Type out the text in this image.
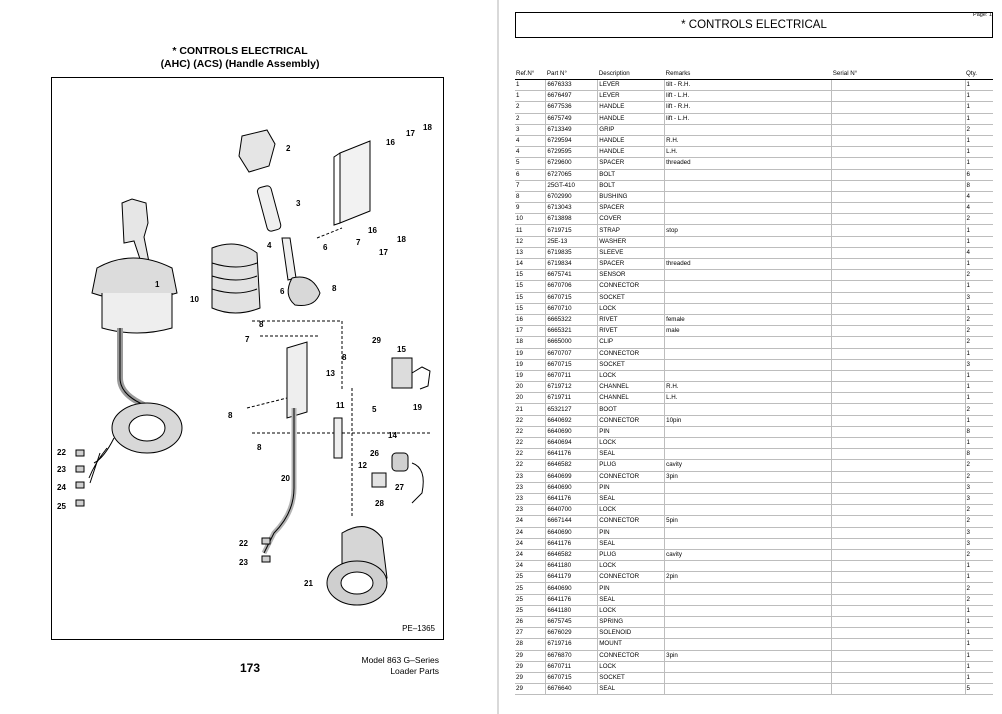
* CONTROLS ELECTRICAL
(AHC) (ACS) (Handle Assembly)
1
2
3
4
5
6
6
7
7
8
8
8
8
8
10
11
12
13
14
15
16
16
17
17
18
18
19
20
21
22
22
23
23
24
25
26
27
28
29
PE–1365
173
Model 863 G–Series
Loader Parts
* CONTROLS ELECTRICAL
Page: 1
Ref.N°	Part N°	Description	Remarks	Serial N°	Qty.
1	6676333	LEVER	tilt - R.H.		1
1	6676497	LEVER	lift - L.H.		1
2	6677536	HANDLE	lift - R.H.		1
2	6675749	HANDLE	lift - L.H.		1
3	6713349	GRIP			2
4	6729594	HANDLE	R.H.		1
4	6729595	HANDLE	L.H.		1
5	6729600	SPACER	threaded		1
6	6727065	BOLT			6
7	25GT-410	BOLT			8
8	6702990	BUSHING			4
9	6713043	SPACER			4
10	6713898	COVER			2
11	6719715	STRAP	stop		1
12	25E-13	WASHER			1
13	6719835	SLEEVE			4
14	6719834	SPACER	threaded		1
15	6675741	SENSOR			2
15	6670706	CONNECTOR			1
15	6670715	SOCKET			3
15	6670710	LOCK			1
16	6665322	RIVET	female		2
17	6665321	RIVET	male		2
18	6665000	CLIP			2
19	6670707	CONNECTOR			1
19	6670715	SOCKET			3
19	6670711	LOCK			1
20	6719712	CHANNEL	R.H.		1
20	6719711	CHANNEL	L.H.		1
21	6532127	BOOT			2
22	6640692	CONNECTOR	10pin		1
22	6640690	PIN			8
22	6640694	LOCK			1
22	6641176	SEAL			8
22	6646582	PLUG	cavity		2
23	6640699	CONNECTOR	3pin		2
23	6640690	PIN			3
23	6641176	SEAL			3
23	6640700	LOCK			2
24	6667144	CONNECTOR	5pin		2
24	6640690	PIN			3
24	6641176	SEAL			3
24	6646582	PLUG	cavity		2
24	6641180	LOCK			1
25	6641179	CONNECTOR	2pin		1
25	6640690	PIN			2
25	6641176	SEAL			2
25	6641180	LOCK			1
26	6675745	SPRING			1
27	6676029	SOLENOID			1
28	6719716	MOUNT			1
29	6676870	CONNECTOR	3pin		1
29	6670711	LOCK			1
29	6670715	SOCKET			1
29	6676640	SEAL			5
